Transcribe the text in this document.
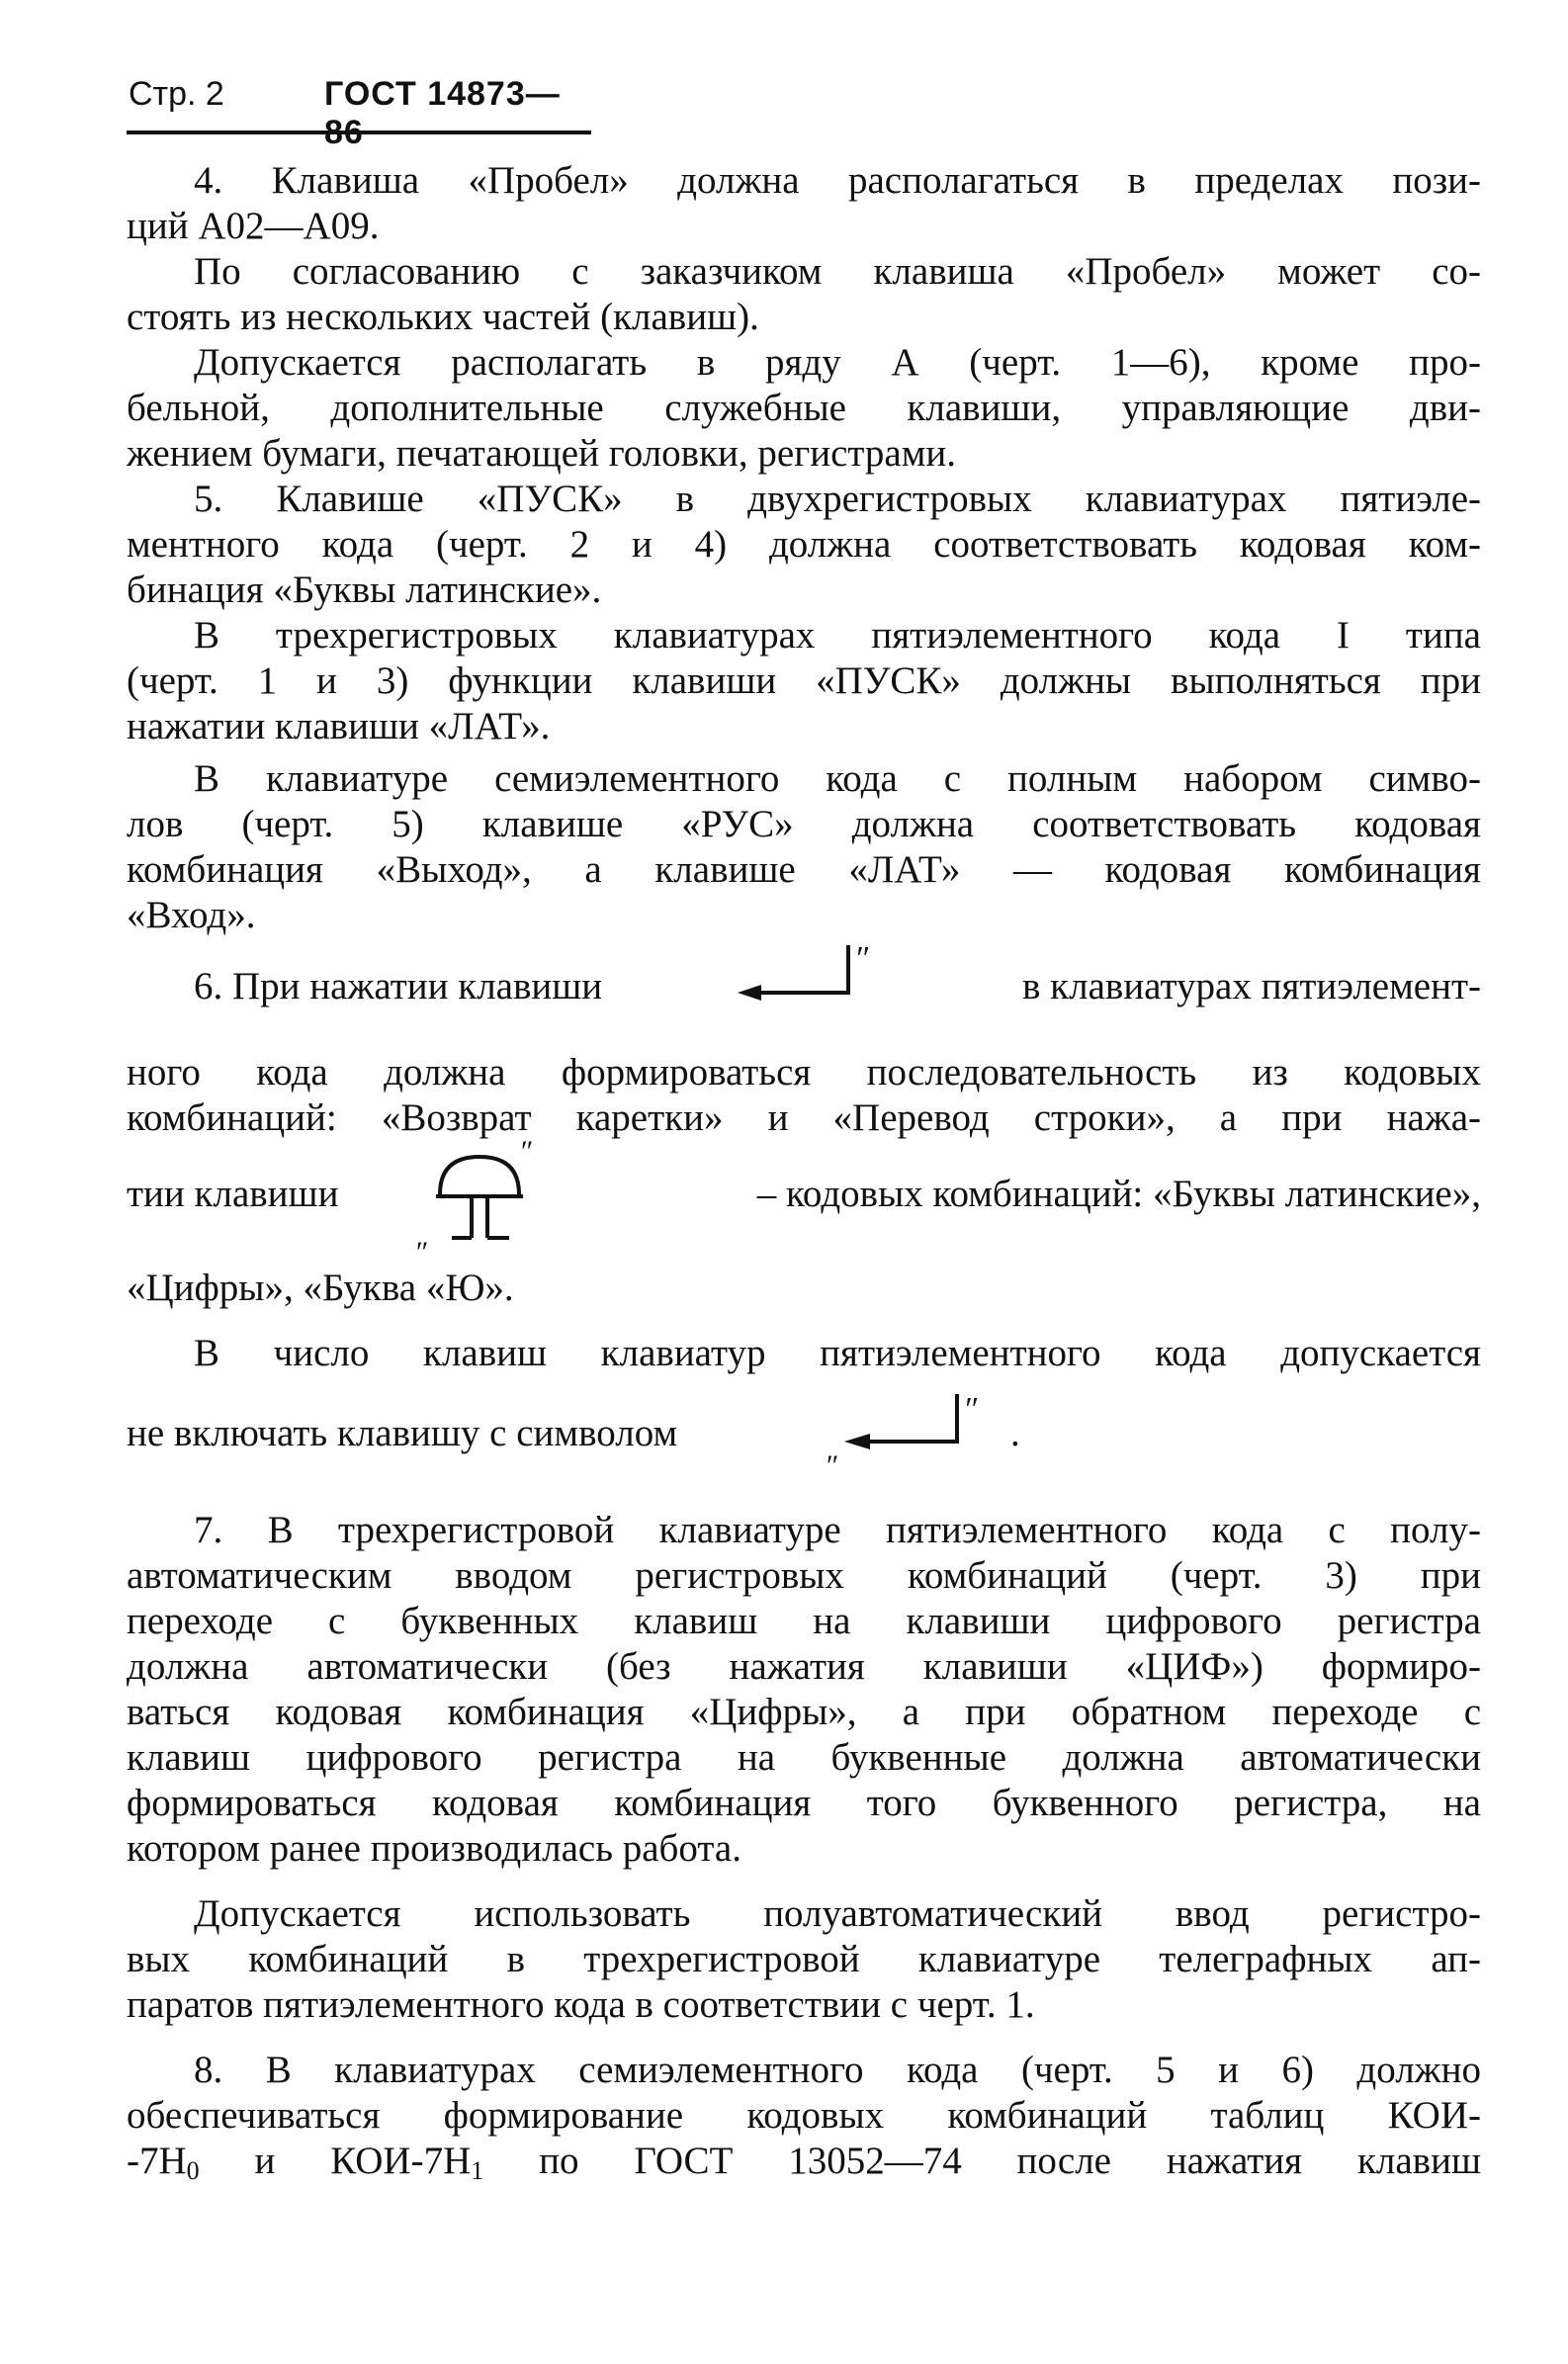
Стр. 2	ГОСТ 14873—86

4. Клавиша «Пробел» должна располагаться в пределах пози-

ций А02—А09.

По согласованию с заказчиком клавиша «Пробел» может со-

стоять из нескольких частей (клавиш).

Допускается располагать в ряду А (черт. 1—6), кроме про-

бельной, дополнительные служебные клавиши, управляющие дви-

жением бумаги, печатающей головки, регистрами.

5. Клавише «ПУСК» в двухрегистровых клавиатурах пятиэле-

ментного кода (черт. 2 и 4) должна соответствовать кодовая ком-

бинация «Буквы латинские».

В трехрегистровых клавиатурах пятиэлементного кода I типа

(черт. 1 и 3) функции клавиши «ПУСК» должны выполняться при

нажатии клавиши «ЛАТ».

В клавиатуре семиэлементного кода с полным набором симво-

лов (черт. 5) клавише «РУС» должна соответствовать кодовая

комбинация «Выход», а клавише «ЛАТ» — кодовая комбинация

«Вход».

6. При нажатии клавиши
″
в клавиатурах пятиэлемент-

ного кода должна формироваться последовательность из кодовых

комбинаций: «Возврат каретки» и «Перевод строки», а при нажа-

тии клавиши
″
″
– кодовых комбинаций: «Буквы латинские»,

«Цифры», «Буква «Ю».

В число клавиш клавиатур пятиэлементного кода допускается

не включать клавишу с символом
″
″
.

7. В трехрегистровой клавиатуре пятиэлементного кода с полу-

автоматическим вводом регистровых комбинаций (черт. 3) при

переходе с буквенных клавиш на клавиши цифрового регистра

должна автоматически (без нажатия клавиши «ЦИФ») формиро-

ваться кодовая комбинация «Цифры», а при обратном переходе с

клавиш цифрового регистра на буквенные должна автоматически

формироваться кодовая комбинация того буквенного регистра, на

котором ранее производилась работа.

Допускается использовать полуавтоматический ввод регистро-

вых комбинаций в трехрегистровой клавиатуре телеграфных ап-

паратов пятиэлементного кода в соответствии с черт. 1.

8. В клавиатурах семиэлементного кода (черт. 5 и 6) должно

обеспечиваться формирование кодовых комбинаций таблиц КОИ-

$-7Н_0$ и КОИ-$7Н_1$ по ГОСТ 13052—74 после нажатия клавиш
